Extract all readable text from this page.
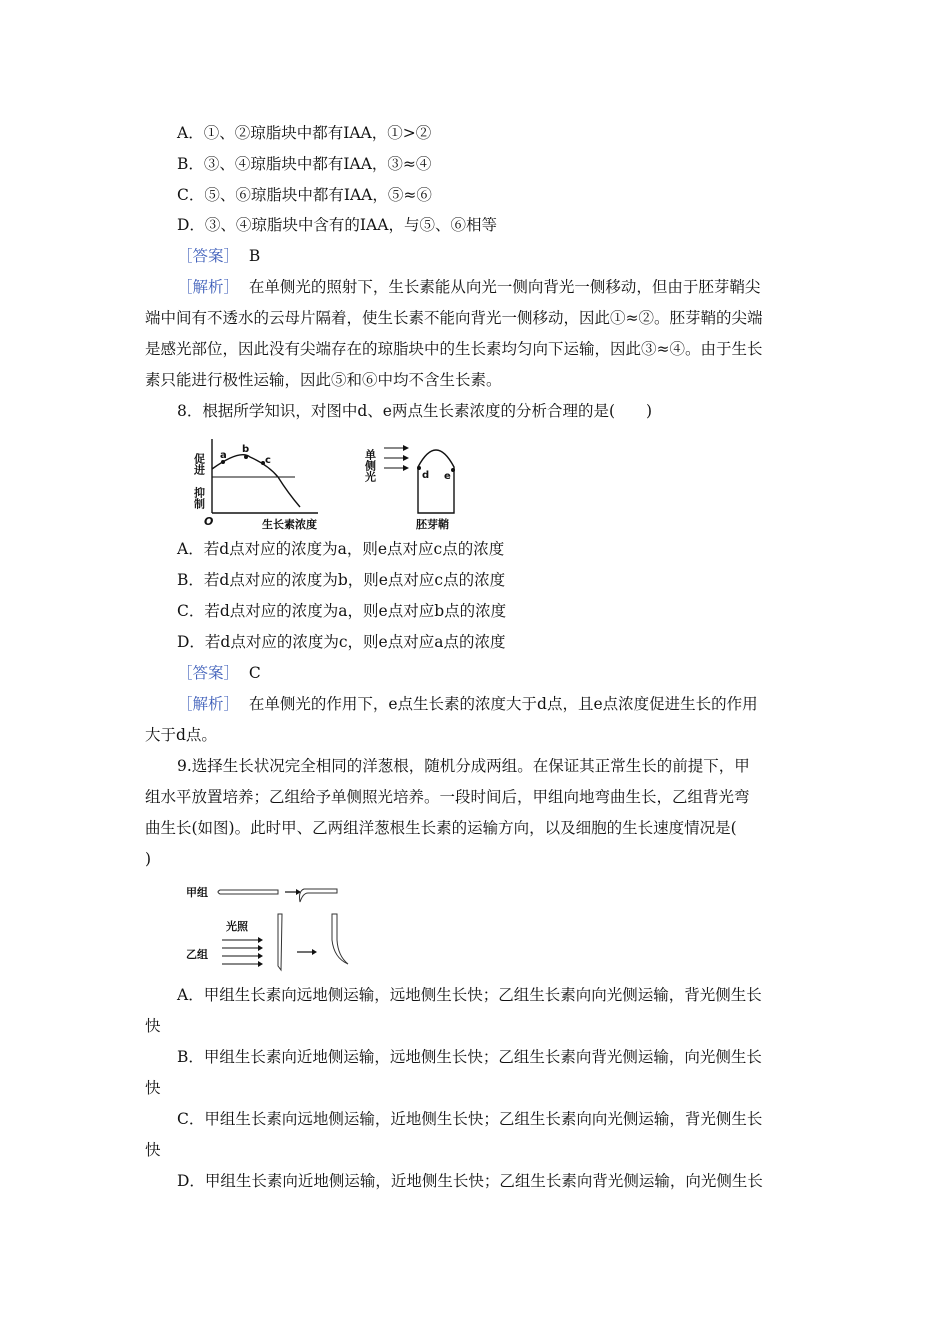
A．①、②琼脂块中都有IAA，①>②
B．③、④琼脂块中都有IAA，③≈④
C．⑤、⑥琼脂块中都有IAA，⑤≈⑥
D．③、④琼脂块中含有的IAA，与⑤、⑥相等
［答案］ B
［解析］ 在单侧光的照射下，生长素能从向光一侧向背光一侧移动，但由于胚芽鞘尖
端中间有不透水的云母片隔着，使生长素不能向背光一侧移动，因此①≈②。胚芽鞘的尖端
是感光部位，因此没有尖端存在的琼脂块中的生长素均匀向下运输，因此③≈④。由于生长
素只能进行极性运输，因此⑤和⑥中均不含生长素。
8．根据所学知识，对图中d、e两点生长素浓度的分析合理的是(　　)
促进
抑制
O	生长素浓度
a
b
c	单侧光	d e
胚芽鞘
A．若d点对应的浓度为a，则e点对应c点的浓度
B．若d点对应的浓度为b，则e点对应c点的浓度
C．若d点对应的浓度为a，则e点对应b点的浓度
D．若d点对应的浓度为c，则e点对应a点的浓度
［答案］ C
［解析］ 在单侧光的作用下，e点生长素的浓度大于d点，且e点浓度促进生长的作用
大于d点。
9.选择生长状况完全相同的洋葱根，随机分成两组。在保证其正常生长的前提下，甲
组水平放置培养；乙组给予单侧照光培养。一段时间后，甲组向地弯曲生长，乙组背光弯
曲生长(如图)。此时甲、乙两组洋葱根生长素的运输方向，以及细胞的生长速度情况是(
)
甲组
光照
乙组
A．甲组生长素向远地侧运输，远地侧生长快；乙组生长素向向光侧运输，背光侧生长
快
B．甲组生长素向近地侧运输，远地侧生长快；乙组生长素向背光侧运输，向光侧生长
快
C．甲组生长素向远地侧运输，近地侧生长快；乙组生长素向向光侧运输，背光侧生长
快
D．甲组生长素向近地侧运输，近地侧生长快；乙组生长素向背光侧运输，向光侧生长
